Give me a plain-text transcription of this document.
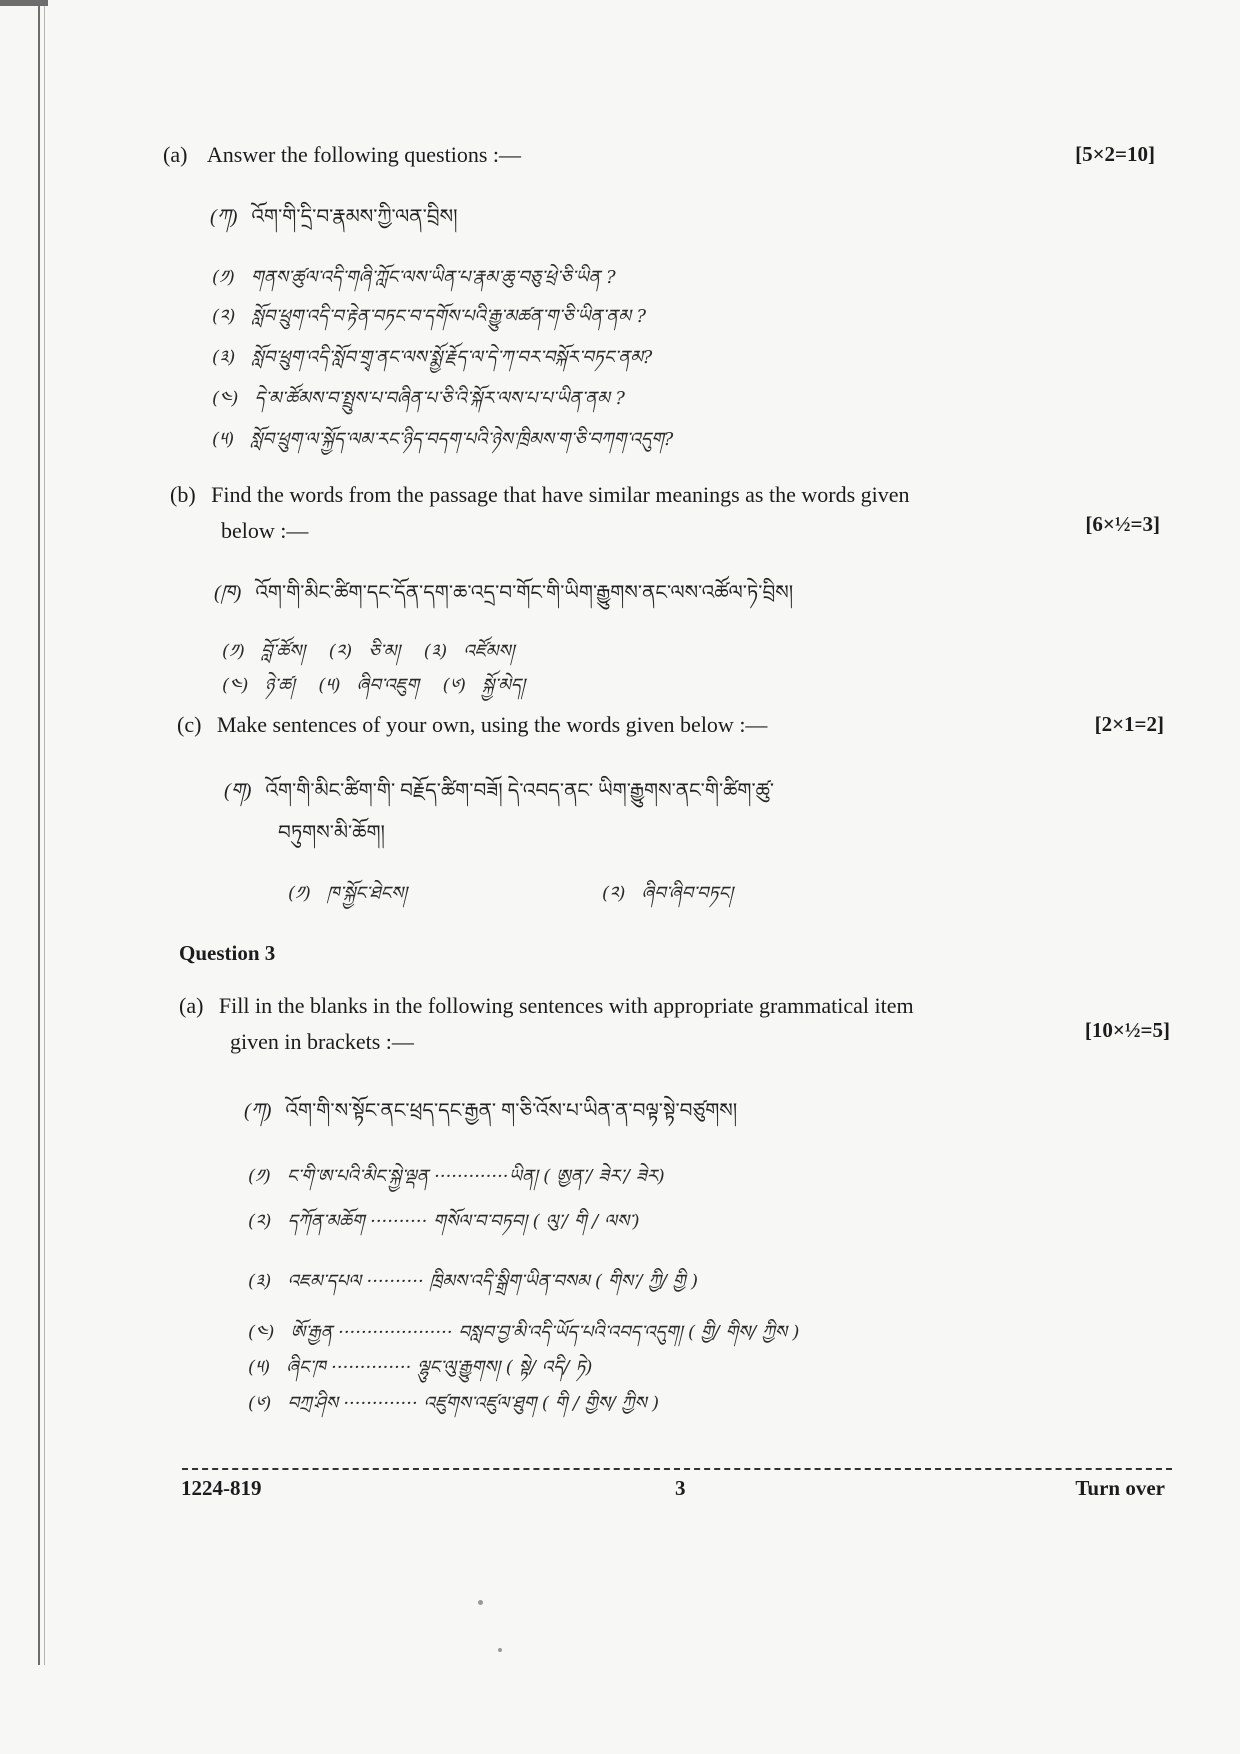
(a) Answer the following questions :—	[5×2=10]
(ཀ) འོག་གི་དྲི་བ་རྣམས་ཀྱི་ལན་བྲིས།
(༡) གནས་ཚུལ་འདི་གཞི་ཀློང་ལས་ཡིན་པ་རྣམ་ཆུ་བཅུ་ཕྲེ་ཅི་ཡིན ?
(༢) སློབ་ཕྲུག་འདི་བ་རྟེན་བཏང་བ་དགོས་པའི་རྒྱུ་མཚན་ག་ཅི་ཡིན་ནམ ?
(༣) སློབ་ཕྲུག་འདི་སློབ་གྲྭ་ནང་ལས་སྨྱོ་རྗོད་ལ་དེ་ཀ་བར་བསྐོར་བཏང་ནམ?
(༤) དེ་མ་ཚོམས་བ་སྤྲུས་པ་བཞིན་པ་ཅི་འི་སྐོར་ལས་པ་པ་ཡིན་ནམ ?
(༥) སློབ་ཕྲུག་ལ་སྐྱོད་ལམ་རང་ཉིད་བདག་པའི་ཉེས་ཁྲིམས་ག་ཅི་བཀག་འདུག?
(b) Find the words from the passage that have similar meanings as the words given
below :—	[6×½=3]
(ཁ) འོག་གི་མིང་ཚིག་དང་དོན་དག་ཆ་འདྲ་བ་གོང་གི་ཡིག་རྒྱུགས་ནང་ལས་འཚོལ་ཏེ་བྲིས།
(༡) བློ་ཚོས། (༢) ཅི་མ། (༣) འཛོམས།
(༤) ཉེ་ཚ། (༥) ཞིབ་འཇུག (༦) སྐྱོ་མེད།
(c) Make sentences of your own, using the words given below :—	[2×1=2]
(ག) འོག་གི་མིང་ཚིག་གི་ བརྗོད་ཚིག་བཟོ། དེ་འབད་ནང་ ཡིག་རྒྱུགས་ནང་གི་ཚིག་ཚུ་
བཏུགས་མི་ཆོག།
(༡) ཁ་སྐྱོང་ཐེངས།	(༢) ཞིབ་ཞིབ་བཏང།
Question 3
(a) Fill in the blanks in the following sentences with appropriate grammatical item
given in brackets :—	[10×½=5]
(ཀ) འོག་གི་ས་སྟོང་ནང་ཕྲད་དང་རྒྱན་ ག་ཅི་འོས་པ་ཡིན་ན་བལྟ་སྟེ་བཙུགས།
(༡) ང་གི་ཨ་པའི་མིང་སྐྱེ་ལྡན ·············ཡིན། ( ཨྱན་/ ཟེར་/ ཟེར)
(༢) དཀོན་མཆོག ·········· གསོལ་བ་བཏབ། ( ལུ་/ གི / ལས་)
(༣) འཇམ་དཔལ ·········· ཁྲིམས་འདི་སྒྲིག་ཡིན་བསམ ( གིས་/ ཀྱི/ གྱི )
(༤) ཨོ་རྒྱན ···················· བསླབ་བྱ་མི་འདི་ཡོད་པའི་འབད་འདུག། ( གྱི/ གིས/ ཀྱིས )
(༥) ཞིང་ཁ ·············· ལྷུང་ལུ་རྒྱུགས། ( སྟེ/ འདི/ ཏེ)
(༦) བཀྲ་ཤིས ············· འཛུགས་འཛུལ་ཐུག ( གི / གྱིས/ ཀྱིས )
1224-819	3	Turn over
